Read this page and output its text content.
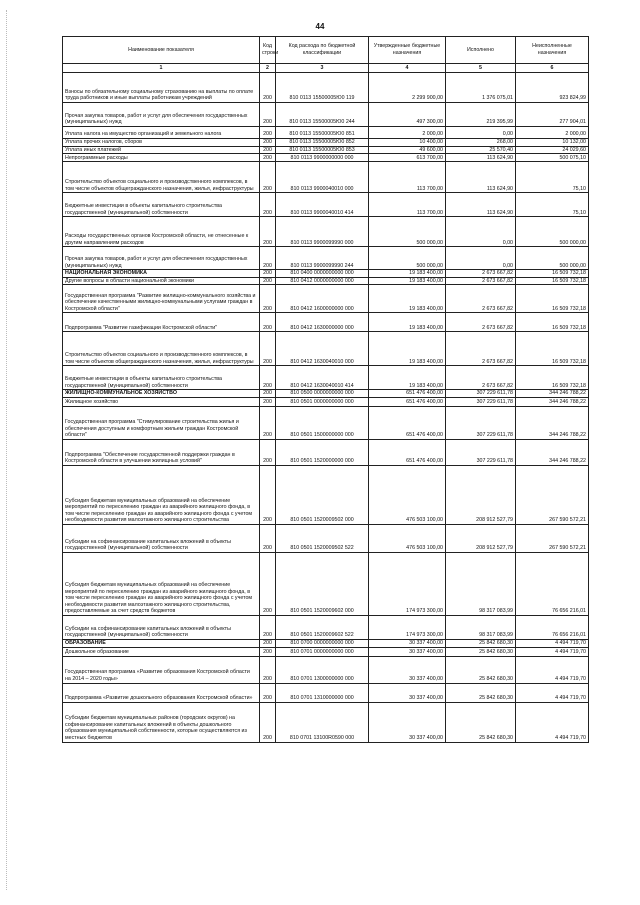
44
Наименование показателя	Код строки	Код расхода по бюджетной классификации	Утвержденные бюджетные назначения	Исполнено	Неисполненные назначения
1	2	3	4	5	6
Взносы по обязательному социальному страхованию на выплаты по оплате труда работников и иные выплаты работникам учреждений	200	810 0113 15500005Ю0 119	2 299 900,00	1 376 075,01	923 824,99
Прочая закупка товаров, работ и услуг для обеспечения государственных (муниципальных) нужд	200	810 0113 15500005Ю0 244	497 300,00	219 395,99	277 904,01
Уплата налога на имущество организаций и земельного налога	200	810 0113 15500005Ю0 851	2 000,00	0,00	2 000,00
Уплата прочих налогов, сборов	200	810 0113 15500005Ю0 852	10 400,00	268,00	10 132,00
Уплата иных платежей	200	810 0113 15500005Ю0 853	49 600,00	25 570,40	24 029,60
Непрограммные расходы	200	810 0113 9900000000 000	613 700,00	113 624,90	500 075,10
Строительство объектов социального и производственного комплексов, в том числе объектов общегражданского назначения, жилья, инфраструктуры	200	810 0113 9900040010 000	113 700,00	113 624,90	75,10
Бюджетные инвестиции в объекты капитального строительства государственной (муниципальной) собственности	200	810 0113 9900040010 414	113 700,00	113 624,90	75,10
Расходы государственных органов Костромской области, не отнесенные к другим направлениям расходов	200	810 0113 9900099990 000	500 000,00	0,00	500 000,00
Прочая закупка товаров, работ и услуг для обеспечения государственных (муниципальных) нужд	200	810 0113 9900099990 244	500 000,00	0,00	500 000,00
НАЦИОНАЛЬНАЯ ЭКОНОМИКА	200	810 0400 0000000000 000	19 183 400,00	2 673 667,82	16 509 732,18
Другие вопросы в области национальной экономики	200	810 0412 0000000000 000	19 183 400,00	2 673 667,82	16 509 732,18
Государственная программа "Развитие жилищно-коммунального хозяйства и обеспечение качественными жилищно-коммунальными услугами граждан в Костромской области"	200	810 0412 1600000000 000	19 183 400,00	2 673 667,82	16 509 732,18
Подпрограмма "Развитие газификации Костромской области"	200	810 0412 1630000000 000	19 183 400,00	2 673 667,82	16 509 732,18
Строительство объектов социального и производственного комплексов, в том числе объектов общегражданского назначения, жилья, инфраструктуры	200	810 0412 1630040010 000	19 183 400,00	2 673 667,82	16 509 732,18
Бюджетные инвестиции в объекты капитального строительства государственной (муниципальной) собственности	200	810 0412 1630040010 414	19 183 400,00	2 673 667,82	16 509 732,18
ЖИЛИЩНО-КОММУНАЛЬНОЕ ХОЗЯЙСТВО	200	810 0500 0000000000 000	651 476 400,00	307 229 611,78	344 246 788,22
Жилищное хозяйство	200	810 0501 0000000000 000	651 476 400,00	307 229 611,78	344 246 788,22
Государственная программа "Стимулирование строительства жилья и обеспечения доступным и комфортным жильем граждан Костромской области"	200	810 0501 1500000000 000	651 476 400,00	307 229 611,78	344 246 788,22
Подпрограмма "Обеспечение государственной поддержки граждан в Костромской области в улучшении жилищных условий"	200	810 0501 1520000000 000	651 476 400,00	307 229 611,78	344 246 788,22
Субсидия бюджетам муниципальных образований на обеспечение мероприятий по переселению граждан из аварийного жилищного фонда, в том числе переселению граждан из аварийного жилищного фонда с учетом необходимости развития малоэтажного жилищного строительства	200	810 0501 1520009502 000	476 503 100,00	208 912 527,79	267 590 572,21
Субсидии на софинансирование капитальных вложений в объекты государственной (муниципальной) собственности	200	810 0501 1520009502 522	476 503 100,00	208 912 527,79	267 590 572,21
Субсидия бюджетам муниципальных образований на обеспечение мероприятий по переселению граждан из аварийного жилищного фонда, в том числе переселению граждан из аварийного жилищного фонда с учетом необходимости развития малоэтажного жилищного строительства, предоставляемые за счет средств бюджетов	200	810 0501 1520009602 000	174 973 300,00	98 317 083,99	76 656 216,01
Субсидии на софинансирование капитальных вложений в объекты государственной (муниципальной) собственности	200	810 0501 1520009602 522	174 973 300,00	98 317 083,99	76 656 216,01
ОБРАЗОВАНИЕ	200	810 0700 0000000000 000	30 337 400,00	25 842 680,30	4 494 719,70
Дошкольное образование	200	810 0701 0000000000 000	30 337 400,00	25 842 680,30	4 494 719,70
Государственная программа «Развитие образования Костромской области на 2014 – 2020 годы»	200	810 0701 1300000000 000	30 337 400,00	25 842 680,30	4 494 719,70
Подпрограмма «Развитие дошкольного образования Костромской области»	200	810 0701 1310000000 000	30 337 400,00	25 842 680,30	4 494 719,70
Субсидии бюджетам муниципальных районов (городских округов) на софинансирование капитальных вложений в объекты дошкольного образования муниципальной собственности, которые осуществляются из местных бюджетов	200	810 0701 13100R0590 000	30 337 400,00	25 842 680,30	4 494 719,70
